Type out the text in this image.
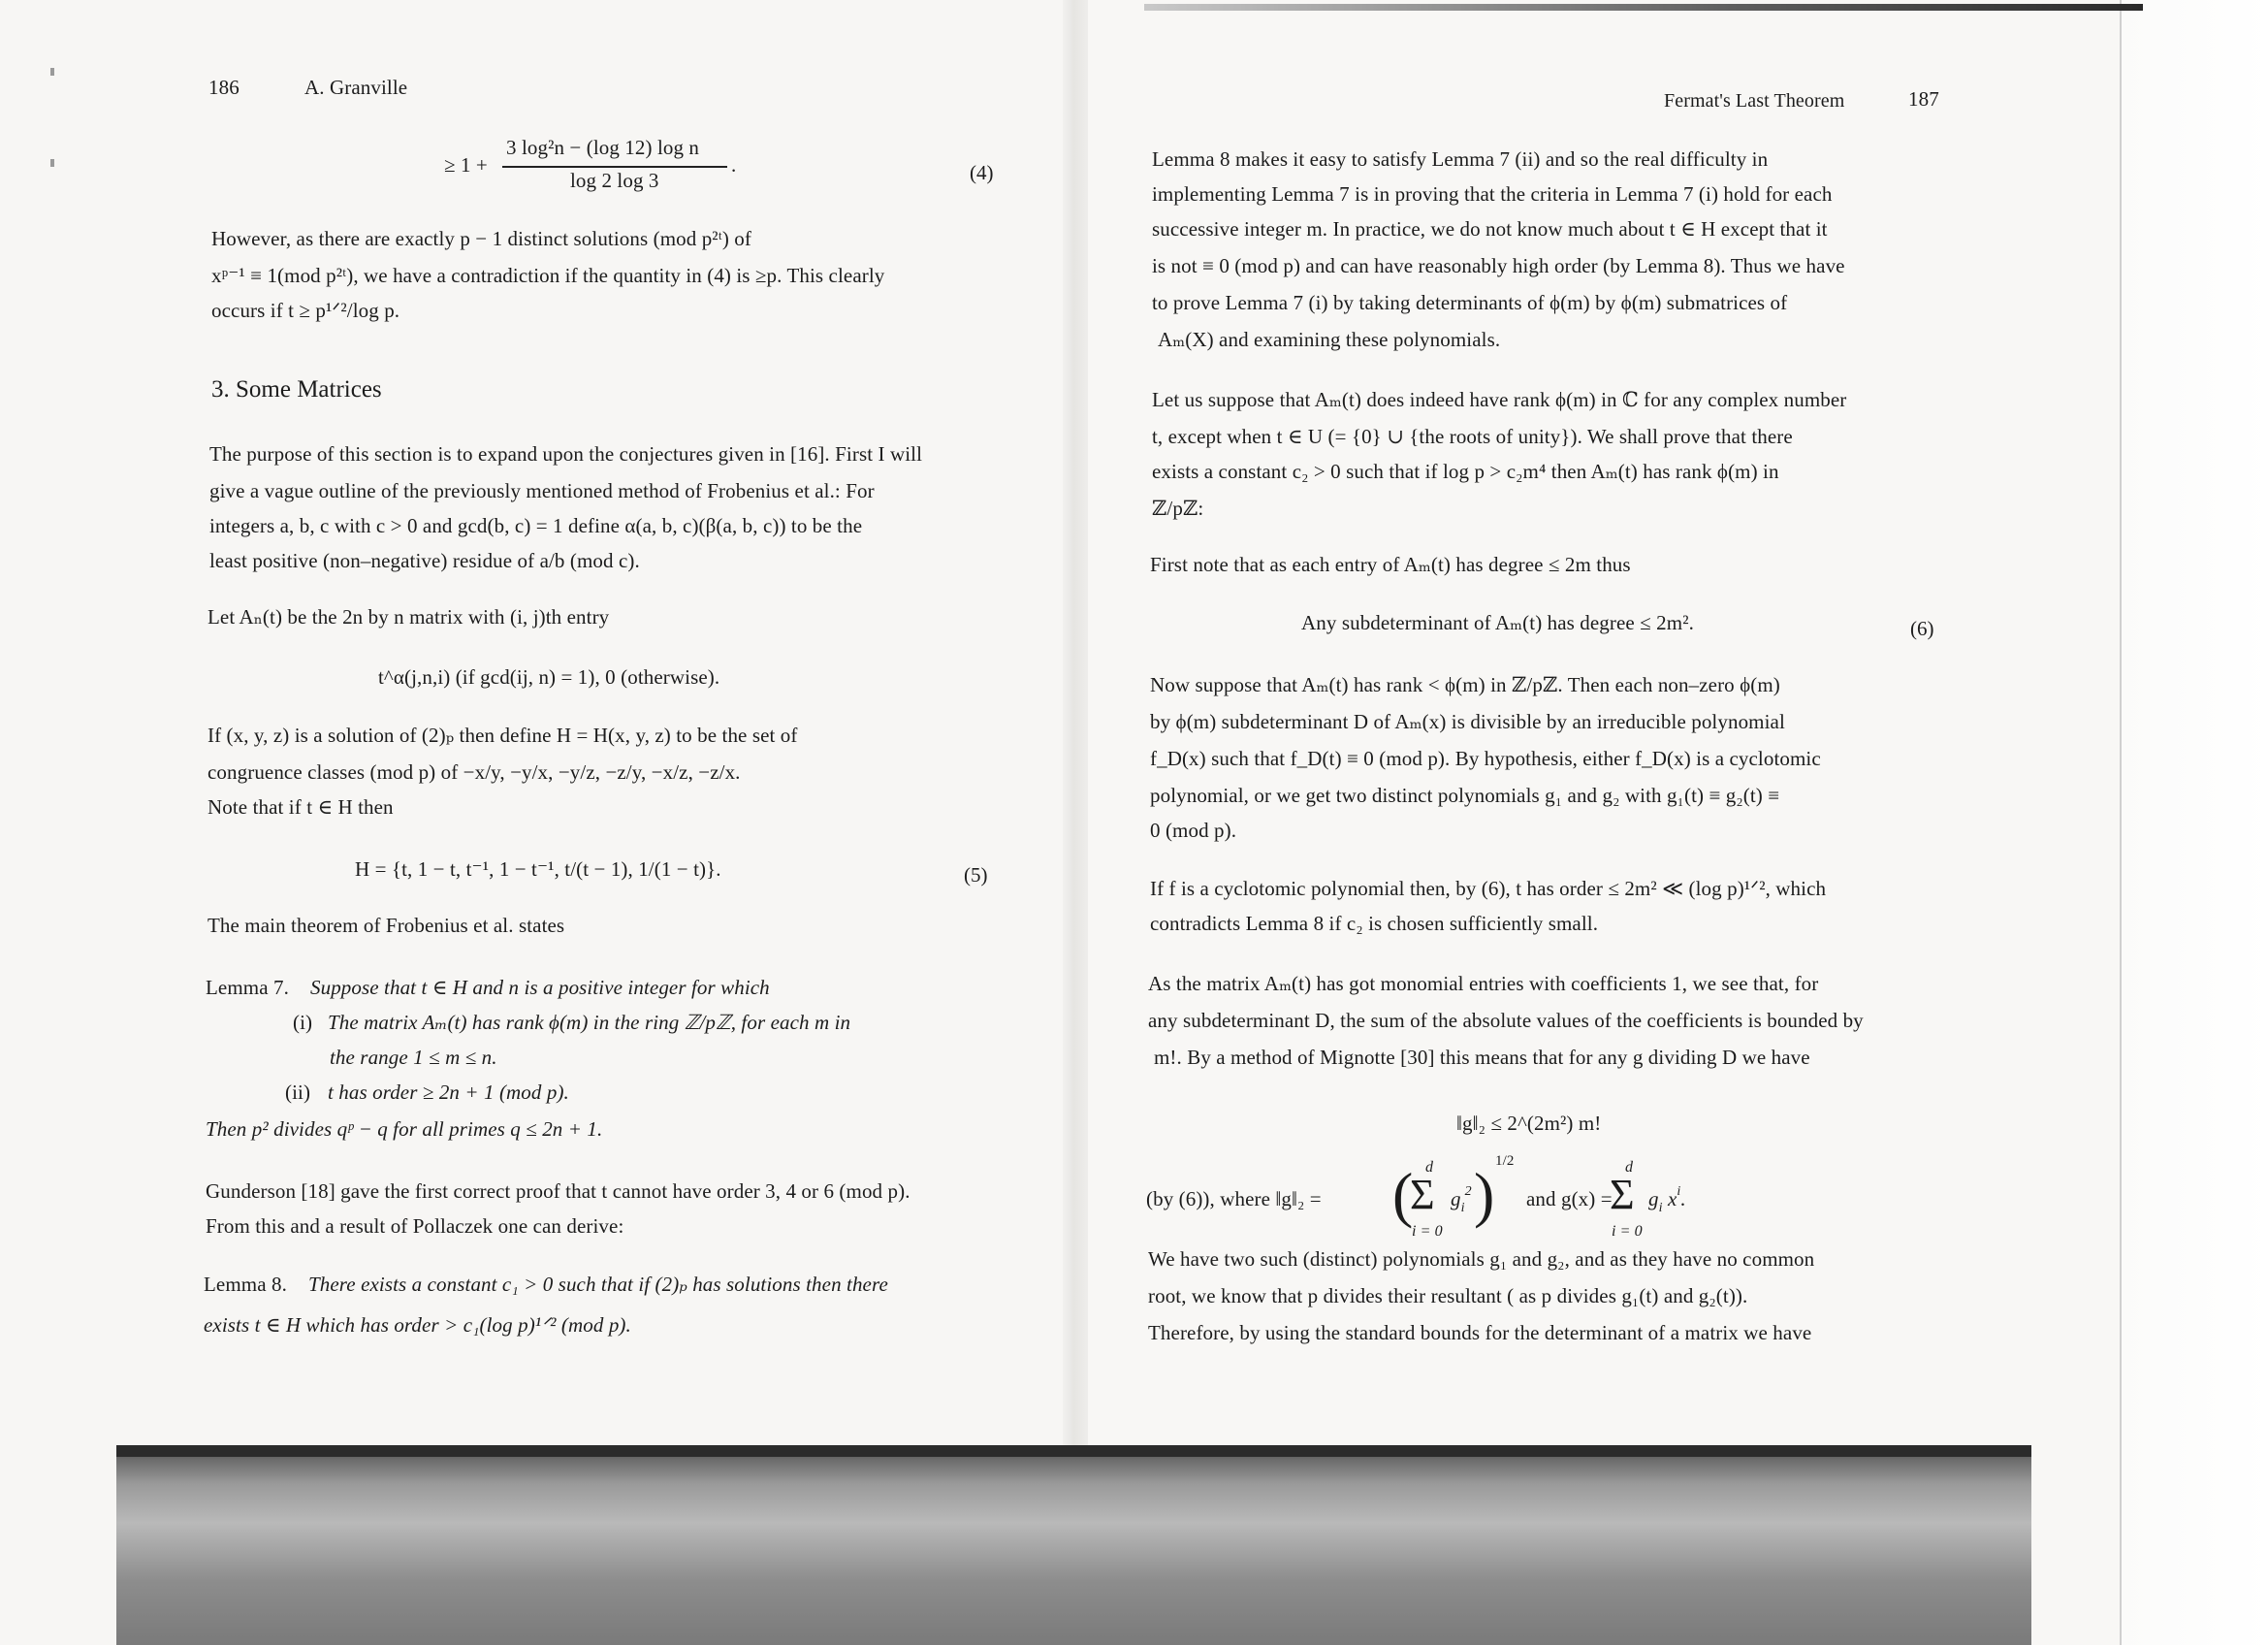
186	A. Granville
≥ 1 +
3 log²n − (log 12) log n
log 2 log 3
.	(4)
However, as there are exactly p − 1 distinct solutions (mod p²ᵗ) of
xᵖ⁻¹ ≡ 1(mod p²ᵗ), we have a contradiction if the quantity in (4) is ≥p. This clearly
occurs if t ≥ p¹ᐟ²/log p.
3. Some Matrices
The purpose of this section is to expand upon the conjectures given in [16]. First I will
give a vague outline of the previously mentioned method of Frobenius et al.: For
integers a, b, c with c > 0 and gcd(b, c) = 1 define α(a, b, c)(β(a, b, c)) to be the
least positive (non–negative) residue of a/b (mod c).
Let Aₙ(t) be the 2n by n matrix with (i, j)th entry
t^α(j,n,i) (if gcd(ij, n) = 1), 0 (otherwise).
If (x, y, z) is a solution of (2)ₚ then define H = H(x, y, z) to be the set of
congruence classes (mod p) of −x/y, −y/x, −y/z, −z/y, −x/z, −z/x.
Note that if t ∈ H then
H = {t, 1 − t, t⁻¹, 1 − t⁻¹, t/(t − 1), 1/(1 − t)}.	(5)
The main theorem of Frobenius et al. states
Lemma 7. Suppose that t ∈ H and n is a positive integer for which
(i) The matrix Aₘ(t) has rank ϕ(m) in the ring ℤ/pℤ, for each m in
the range 1 ≤ m ≤ n.
(ii) t has order ≥ 2n + 1 (mod p).
Then p² divides qᵖ − q for all primes q ≤ 2n + 1.
Gunderson [18] gave the first correct proof that t cannot have order 3, 4 or 6 (mod p).
From this and a result of Pollaczek one can derive:
Lemma 8. There exists a constant c₁ > 0 such that if (2)ₚ has solutions then there
exists t ∈ H which has order > c₁(log p)¹ᐟ² (mod p).
Fermat's Last Theorem	187
Lemma 8 makes it easy to satisfy Lemma 7 (ii) and so the real difficulty in
implementing Lemma 7 is in proving that the criteria in Lemma 7 (i) hold for each
successive integer m. In practice, we do not know much about t ∈ H except that it
is not ≡ 0 (mod p) and can have reasonably high order (by Lemma 8). Thus we have
to prove Lemma 7 (i) by taking determinants of ϕ(m) by ϕ(m) submatrices of
Aₘ(X) and examining these polynomials.
Let us suppose that Aₘ(t) does indeed have rank ϕ(m) in ℂ for any complex number
t, except when t ∈ U (= {0} ∪ {the roots of unity}). We shall prove that there
exists a constant c₂ > 0 such that if log p > c₂m⁴ then Aₘ(t) has rank ϕ(m) in
ℤ/pℤ:
First note that as each entry of Aₘ(t) has degree ≤ 2m thus
Any subdeterminant of Aₘ(t) has degree ≤ 2m².	(6)
Now suppose that Aₘ(t) has rank < ϕ(m) in ℤ/pℤ. Then each non–zero ϕ(m)
by ϕ(m) subdeterminant D of Aₘ(x) is divisible by an irreducible polynomial
f_D(x) such that f_D(t) ≡ 0 (mod p). By hypothesis, either f_D(x) is a cyclotomic
polynomial, or we get two distinct polynomials g₁ and g₂ with g₁(t) ≡ g₂(t) ≡
0 (mod p).
If f is a cyclotomic polynomial then, by (6), t has order ≤ 2m² ≪ (log p)¹ᐟ², which
contradicts Lemma 8 if c₂ is chosen sufficiently small.
As the matrix Aₘ(t) has got monomial entries with coefficients 1, we see that, for
any subdeterminant D, the sum of the absolute values of the coefficients is bounded by
m!. By a method of Mignotte [30] this means that for any g dividing D we have
‖g‖₂ ≤ 2^(2m²) m!
(by (6)), where ‖g‖₂ =
d
Σ
i = 0
$g_i^2$
( ) 1/2
and g(x) =
d
Σ
i = 0
$g_i$ $x^i$.
We have two such (distinct) polynomials g₁ and g₂, and as they have no common
root, we know that p divides their resultant ( as p divides g₁(t) and g₂(t)).
Therefore, by using the standard bounds for the determinant of a matrix we have
